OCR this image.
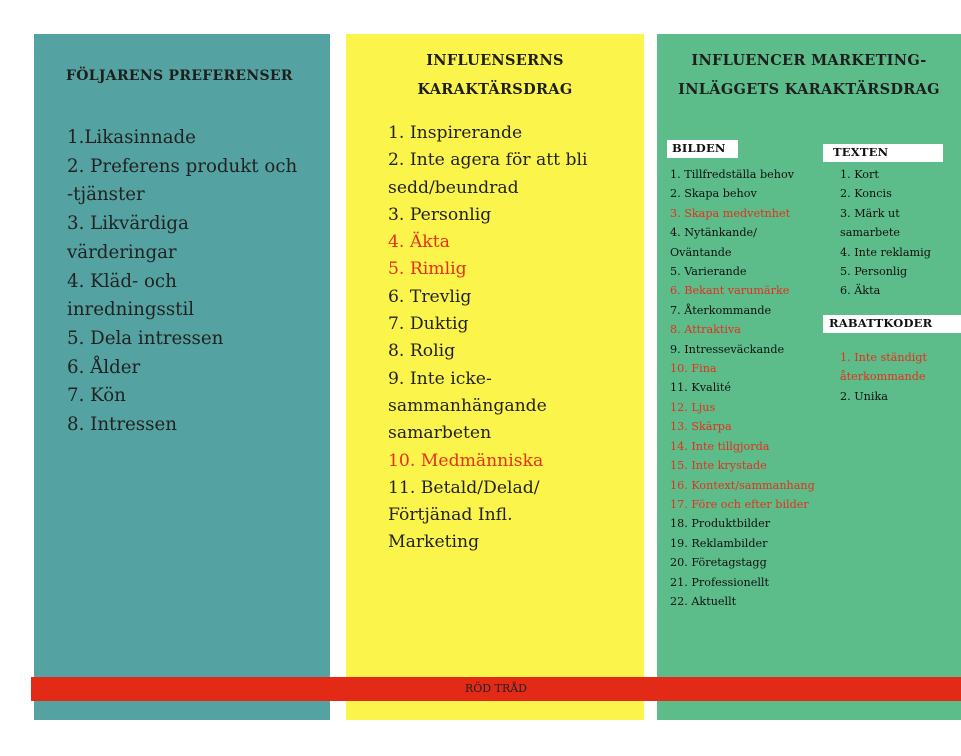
FÖLJARENS PREFERENSER
1.Likasinnade
2. Preferens produkt och
-tjänster
3. Likvärdiga
värderingar
4. Kläd- och
inredningsstil
5. Dela intressen
6. Ålder
7. Kön
8. Intressen
INFLUENSERNS
KARAKTÄRSDRAG
1. Inspirerande
2. Inte agera för att bli
sedd/beundrad
3. Personlig
4. Äkta
5. Rimlig
6. Trevlig
7. Duktig
8. Rolig
9. Inte icke-
sammanhängande
samarbeten
10. Medmänniska
11. Betald/Delad/
Förtjänad Infl.
Marketing
INFLUENCER MARKETING-
INLÄGGETS KARAKTÄRSDRAG
BILDEN
1. Tillfredställa behov
2. Skapa behov
3. Skapa medvetnhet
4. Nytänkande/
Oväntande
5. Varierande
6. Bekant varumärke
7. Återkommande
8. Attraktiva
9. Intresseväckande
10. Fina
11. Kvalité
12. Ljus
13. Skärpa
14. Inte tillgjorda
15. Inte krystade
16. Kontext/sammanhang
17. Före och efter bilder
18. Produktbilder
19. Reklambilder
20. Företagstagg
21. Professionellt
22. Aktuellt
TEXTEN
1. Kort
2. Koncis
3. Märk ut
samarbete
4. Inte reklamig
5. Personlig
6. Äkta
RABATTKODER
1. Inte ständigt
återkommande
2. Unika
RÖD TRÅD
